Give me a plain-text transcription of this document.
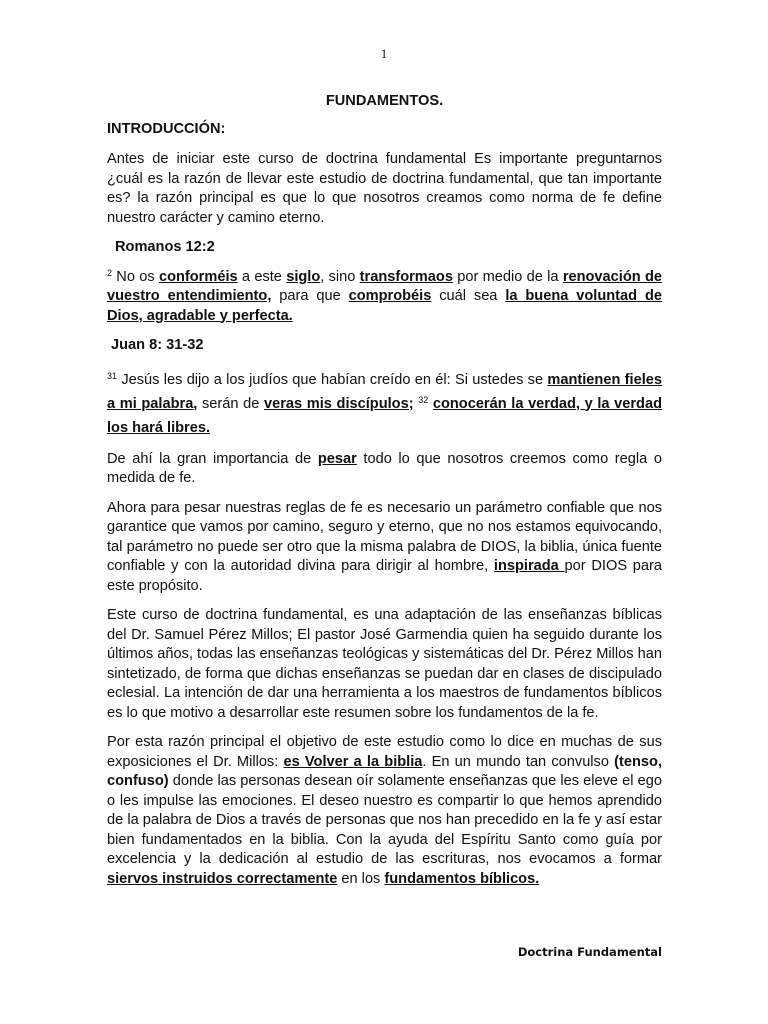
1
FUNDAMENTOS.
INTRODUCCIÓN:

Antes de iniciar este curso de doctrina fundamental Es importante preguntarnos ¿cuál es la razón de llevar este estudio de doctrina fundamental, que tan importante es? la razón principal es que lo que nosotros creamos como norma de fe define nuestro carácter y camino eterno.

Romanos 12:2

$^2$ No os conforméis a este siglo, sino transformaos por medio de la renovación de vuestro entendimiento, para que comprobéis cuál sea la buena voluntad de Dios, agradable y perfecta.

Juan 8: 31-32

$^{31}$ Jesús les dijo a los judíos que habían creído en él: Si ustedes se mantienen fieles a mi palabra, serán de veras mis discípulos; $^{32}$ conocerán la verdad, y la verdad los hará libres.

De ahí la gran importancia de pesar todo lo que nosotros creemos como regla o medida de fe.

Ahora para pesar nuestras reglas de fe es necesario un parámetro confiable que nos garantice que vamos por camino, seguro y eterno, que no nos estamos equivocando, tal parámetro no puede ser otro que la misma palabra de DIOS, la biblia, única fuente confiable y con la autoridad divina para dirigir al hombre, inspirada por DIOS para este propósito.

Este curso de doctrina fundamental, es una adaptación de las enseñanzas bíblicas del Dr. Samuel Pérez Millos; El pastor José Garmendia quien ha seguido durante los últimos años, todas las enseñanzas teológicas y sistemáticas del Dr. Pérez Millos han sintetizado, de forma que dichas enseñanzas se puedan dar en clases de discipulado eclesial. La intención de dar una herramienta a los maestros de fundamentos bíblicos es lo que motivo a desarrollar este resumen sobre los fundamentos de la fe.

Por esta razón principal el objetivo de este estudio como lo dice en muchas de sus exposiciones el Dr. Millos: es Volver a la biblia. En un mundo tan convulso (tenso, confuso) donde las personas desean oír solamente enseñanzas que les eleve el ego o les impulse las emociones. El deseo nuestro es compartir lo que hemos aprendido de la palabra de Dios a través de personas que nos han precedido en la fe y así estar bien fundamentados en la biblia. Con la ayuda del Espíritu Santo como guía por excelencia y la dedicación al estudio de las escrituras, nos evocamos a formar siervos instruidos correctamente en los fundamentos bíblicos.

Doctrina Fundamental
